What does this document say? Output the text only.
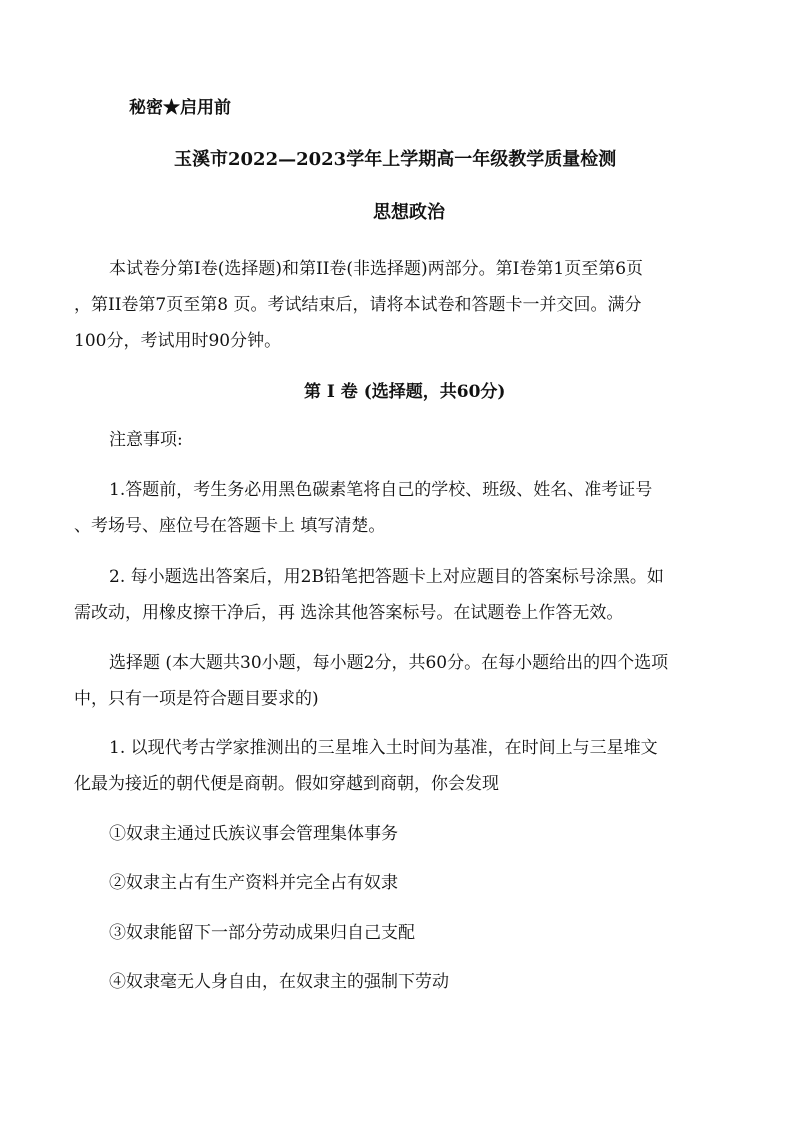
秘密★启用前
玉溪市2022—2023学年上学期高一年级教学质量检测
思想政治
本试卷分第I卷(选择题)和第II卷(非选择题)两部分。第I卷第1页至第6页
，第II卷第7页至第8 页。考试结束后，请将本试卷和答题卡一并交回。满分
100分，考试用时90分钟。
第 I 卷 (选择题，共60分)
注意事项:
1.答题前，考生务必用黑色碳素笔将自己的学校、班级、姓名、准考证号
、考场号、座位号在答题卡上 填写清楚。
2. 每小题选出答案后，用2B铅笔把答题卡上对应题目的答案标号涂黑。如
需改动，用橡皮擦干净后，再 选涂其他答案标号。在试题卷上作答无效。
选择题 (本大题共30小题，每小题2分，共60分。在每小题给出的四个选项
中，只有一项是符合题目要求的)
1. 以现代考古学家推测出的三星堆入土时间为基准，在时间上与三星堆文
化最为接近的朝代便是商朝。假如穿越到商朝，你会发现
①奴隶主通过氏族议事会管理集体事务
②奴隶主占有生产资料并完全占有奴隶
③奴隶能留下一部分劳动成果归自己支配
④奴隶毫无人身自由，在奴隶主的强制下劳动
